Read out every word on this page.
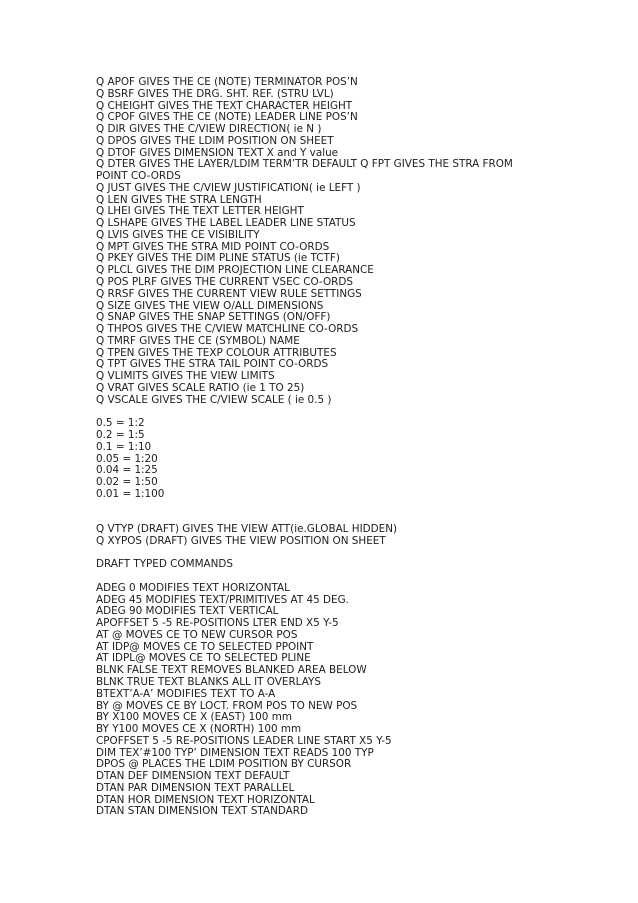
Q APOF GIVES THE CE (NOTE) TERMINATOR POS’N
Q BSRF GIVES THE DRG. SHT. REF. (STRU LVL)
Q CHEIGHT GIVES THE TEXT CHARACTER HEIGHT
Q CPOF GIVES THE CE (NOTE) LEADER LINE POS’N
Q DIR GIVES THE C/VIEW DIRECTION( ie N )
Q DPOS GIVES THE LDIM POSITION ON SHEET
Q DTOF GIVES DIMENSION TEXT X and Y value
Q DTER GIVES THE LAYER/LDIM TERM’TR DEFAULT Q FPT GIVES THE STRA FROM POINT CO-ORDS
Q JUST GIVES THE C/VIEW JUSTIFICATION( ie LEFT )
Q LEN GIVES THE STRA LENGTH
Q LHEI GIVES THE TEXT LETTER HEIGHT
Q LSHAPE GIVES THE LABEL LEADER LINE STATUS
Q LVIS GIVES THE CE VISIBILITY
Q MPT GIVES THE STRA MID POINT CO-ORDS
Q PKEY GIVES THE DIM PLINE STATUS (ie TCTF)
Q PLCL GIVES THE DIM PROJECTION LINE CLEARANCE
Q POS PLRF GIVES THE CURRENT VSEC CO-ORDS
Q RRSF GIVES THE CURRENT VIEW RULE SETTINGS
Q SIZE GIVES THE VIEW O/ALL DIMENSIONS
Q SNAP GIVES THE SNAP SETTINGS (ON/OFF)
Q THPOS GIVES THE C/VIEW MATCHLINE CO-ORDS
Q TMRF GIVES THE CE (SYMBOL) NAME
Q TPEN GIVES THE TEXP COLOUR ATTRIBUTES
Q TPT GIVES THE STRA TAIL POINT CO-ORDS
Q VLIMITS GIVES THE VIEW LIMITS
Q VRAT GIVES SCALE RATIO (ie 1 TO 25)
Q VSCALE GIVES THE C/VIEW SCALE ( ie 0.5 )
0.5 = 1:2
0.2 = 1:5
0.1 = 1:10
0.05 = 1:20
0.04 = 1:25
0.02 = 1:50
0.01 = 1:100
Q VTYP (DRAFT) GIVES THE VIEW ATT(ie.GLOBAL HIDDEN)
Q XYPOS (DRAFT) GIVES THE VIEW POSITION ON SHEET
DRAFT TYPED COMMANDS
ADEG 0 MODIFIES TEXT HORIZONTAL
ADEG 45 MODIFIES TEXT/PRIMITIVES AT 45 DEG.
ADEG 90 MODIFIES TEXT VERTICAL
APOFFSET 5 -5 RE-POSITIONS LTER END X5 Y-5
AT @ MOVES CE TO NEW CURSOR POS
AT IDP@ MOVES CE TO SELECTED PPOINT
AT IDPL@ MOVES CE TO SELECTED PLINE
BLNK FALSE TEXT REMOVES BLANKED AREA BELOW
BLNK TRUE TEXT BLANKS ALL IT OVERLAYS
BTEXT’A-A’ MODIFIES TEXT TO A-A
BY @ MOVES CE BY LOCT. FROM POS TO NEW POS
BY X100 MOVES CE X (EAST) 100 mm
BY Y100 MOVES CE X (NORTH) 100 mm
CPOFFSET 5 -5 RE-POSITIONS LEADER LINE START X5 Y-5
DIM TEX’#100 TYP’ DIMENSION TEXT READS 100 TYP
DPOS @ PLACES THE LDIM POSITION BY CURSOR
DTAN DEF DIMENSION TEXT DEFAULT
DTAN PAR DIMENSION TEXT PARALLEL
DTAN HOR DIMENSION TEXT HORIZONTAL
DTAN STAN DIMENSION TEXT STANDARD
